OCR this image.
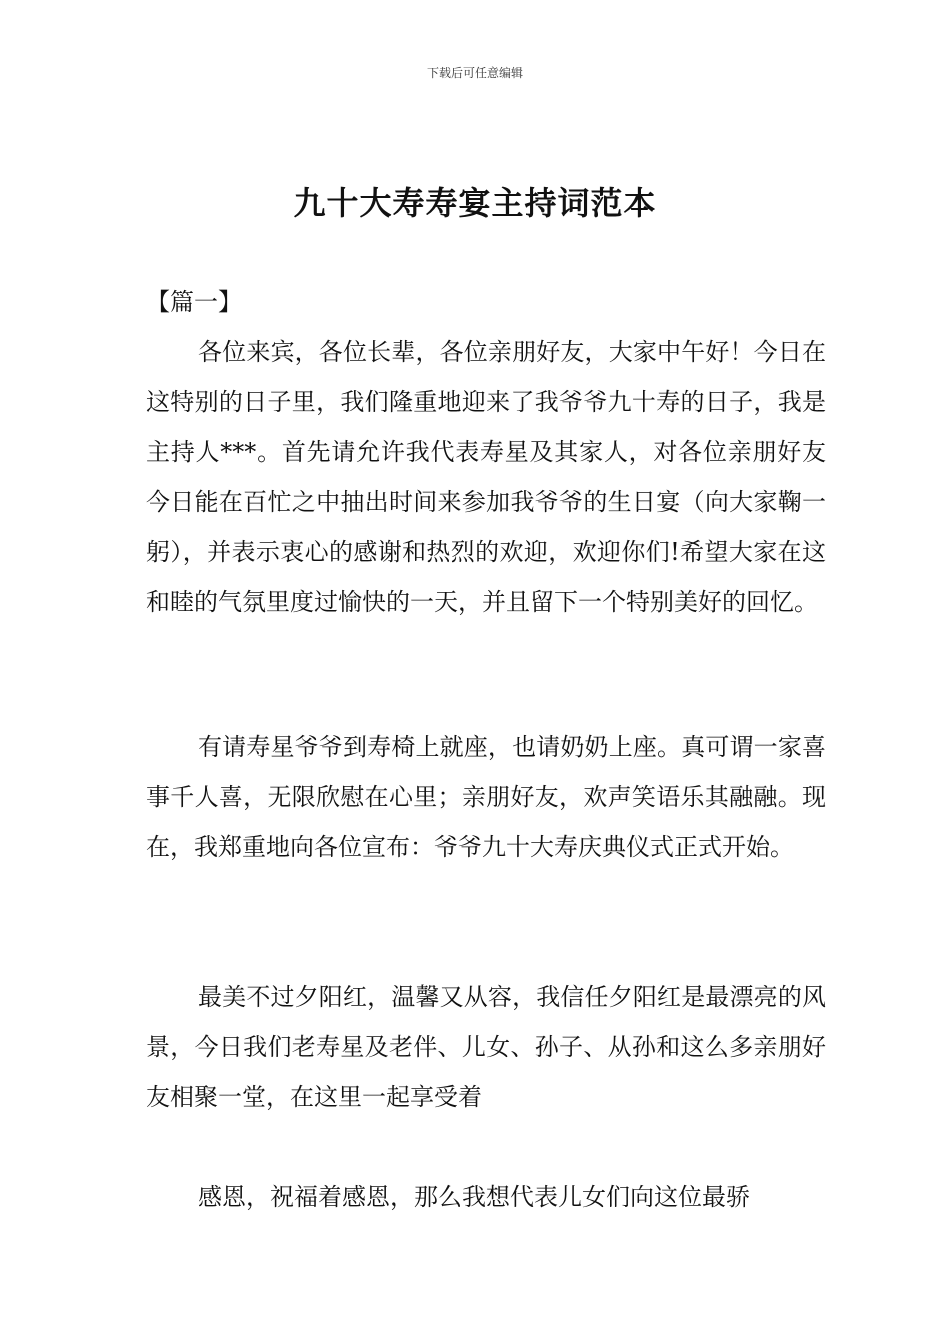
下载后可任意编辑
九十大寿寿宴主持词范本
【篇一】

各位来宾，各位长辈，各位亲朋好友，大家中午好！今日在这特别的日子里，我们隆重地迎来了我爷爷九十寿的日子，我是主持人***。首先请允许我代表寿星及其家人，对各位亲朋好友今日能在百忙之中抽出时间来参加我爷爷的生日宴（向大家鞠一躬），并表示衷心的感谢和热烈的欢迎，欢迎你们!希望大家在这和睦的气氛里度过愉快的一天，并且留下一个特别美好的回忆。

有请寿星爷爷到寿椅上就座，也请奶奶上座。真可谓一家喜事千人喜，无限欣慰在心里；亲朋好友，欢声笑语乐其融融。现在，我郑重地向各位宣布：爷爷九十大寿庆典仪式正式开始。

最美不过夕阳红，温馨又从容，我信任夕阳红是最漂亮的风景，今日我们老寿星及老伴、儿女、孙子、从孙和这么多亲朋好友相聚一堂，在这里一起享受着

感恩，祝福着感恩，那么我想代表儿女们向这位最骄
